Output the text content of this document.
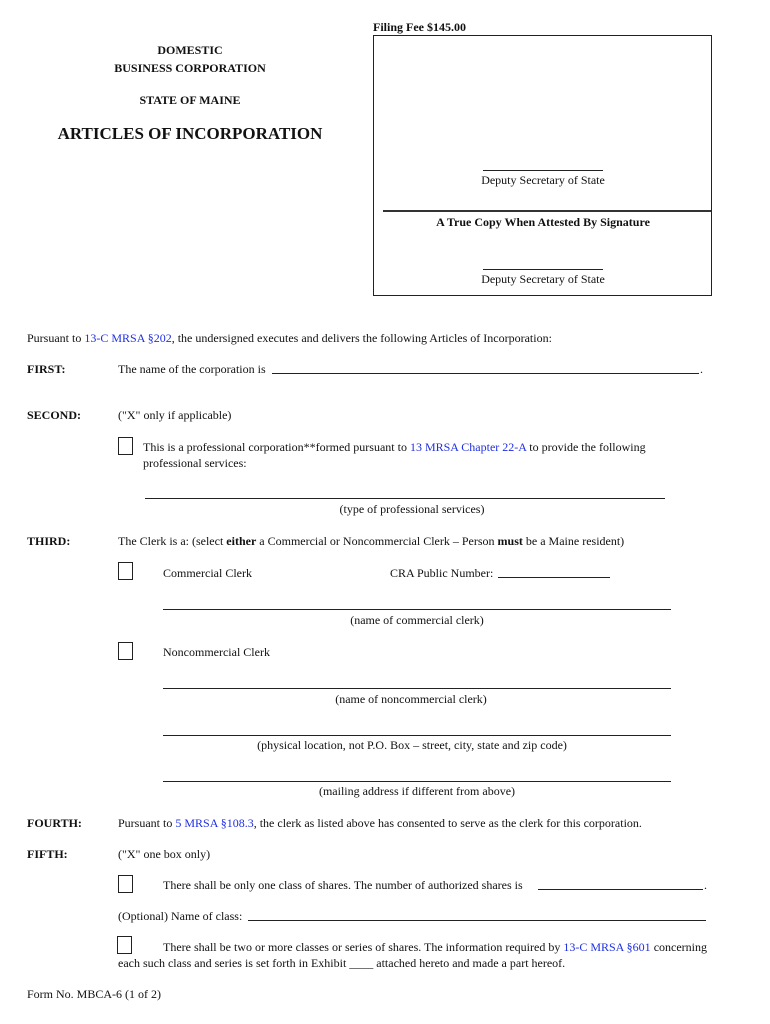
Filing Fee $145.00
DOMESTIC
BUSINESS CORPORATION
STATE OF MAINE
ARTICLES OF INCORPORATION
Deputy Secretary of State
A True Copy When Attested By Signature
Deputy Secretary of State
Pursuant to 13-C MRSA §202, the undersigned executes and delivers the following Articles of Incorporation:
FIRST:	The name of the corporation is	.
SECOND:	("X" only if applicable)
This is a professional corporation**formed pursuant to 13 MRSA Chapter 22-A to provide the following
professional services:
(type of professional services)
THIRD:	The Clerk is a: (select either a Commercial or Noncommercial Clerk – Person must be a Maine resident)
Commercial Clerk	CRA Public Number:
(name of commercial clerk)
Noncommercial Clerk
(name of noncommercial clerk)
(physical location, not P.O. Box – street, city, state and zip code)
(mailing address if different from above)
FOURTH:	Pursuant to 5 MRSA §108.3, the clerk as listed above has consented to serve as the clerk for this corporation.
FIFTH:	("X" one box only)
There shall be only one class of shares. The number of authorized shares is	.
(Optional) Name of class:
There shall be two or more classes or series of shares. The information required by 13-C MRSA §601 concerning
each such class and series is set forth in Exhibit ____ attached hereto and made a part hereof.
Form No. MBCA-6 (1 of 2)
